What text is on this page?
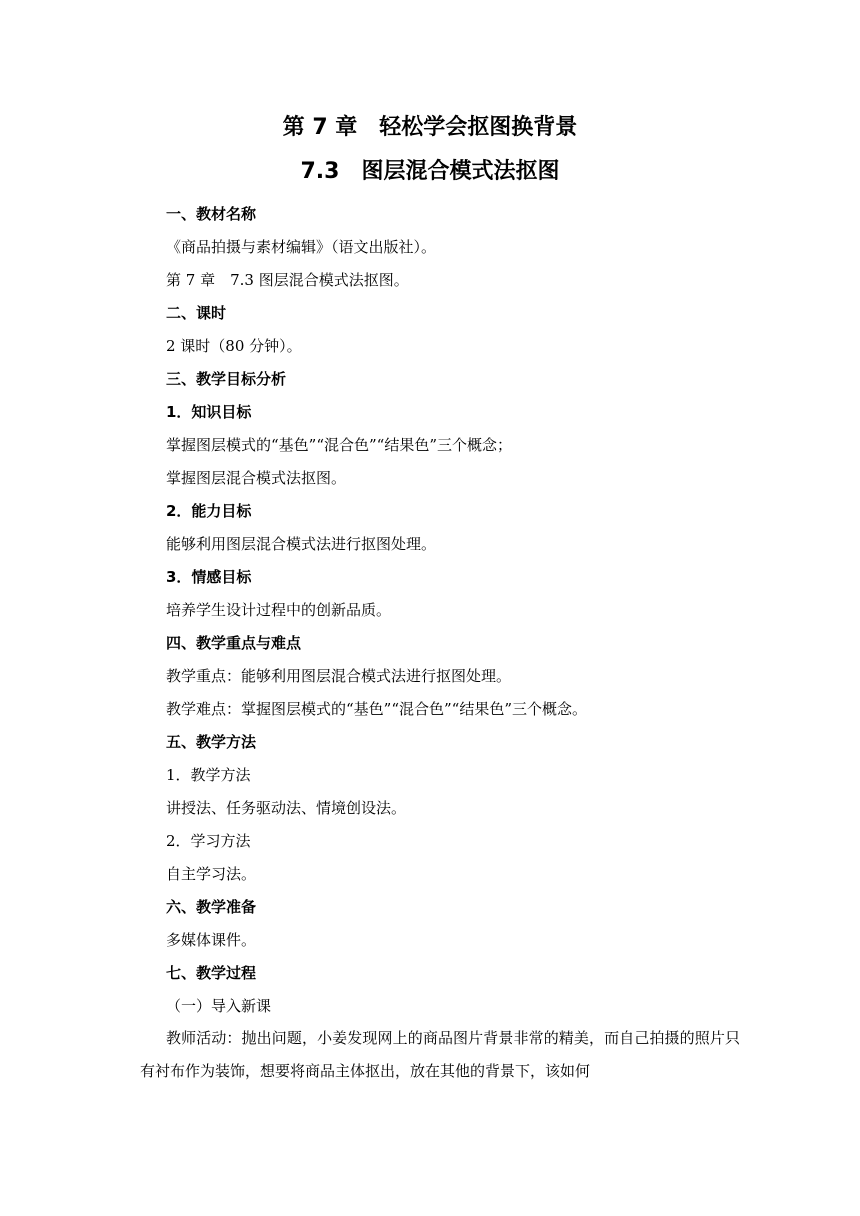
第 7 章　轻松学会抠图换背景
7.3　图层混合模式法抠图
一、教材名称
《商品拍摄与素材编辑》（语文出版社）。
第 7 章　7.3 图层混合模式法抠图。
二、课时
2 课时（80 分钟）。
三、教学目标分析
1．知识目标
掌握图层模式的“基色”“混合色”“结果色”三个概念；
掌握图层混合模式法抠图。
2．能力目标
能够利用图层混合模式法进行抠图处理。
3．情感目标
培养学生设计过程中的创新品质。
四、教学重点与难点
教学重点：能够利用图层混合模式法进行抠图处理。
教学难点：掌握图层模式的“基色”“混合色”“结果色”三个概念。
五、教学方法
1．教学方法
讲授法、任务驱动法、情境创设法。
2．学习方法
自主学习法。
六、教学准备
多媒体课件。
七、教学过程
（一）导入新课
教师活动：抛出问题，小姜发现网上的商品图片背景非常的精美，而自己拍摄的照片只有衬布作为装饰，想要将商品主体抠出，放在其他的背景下，该如何
